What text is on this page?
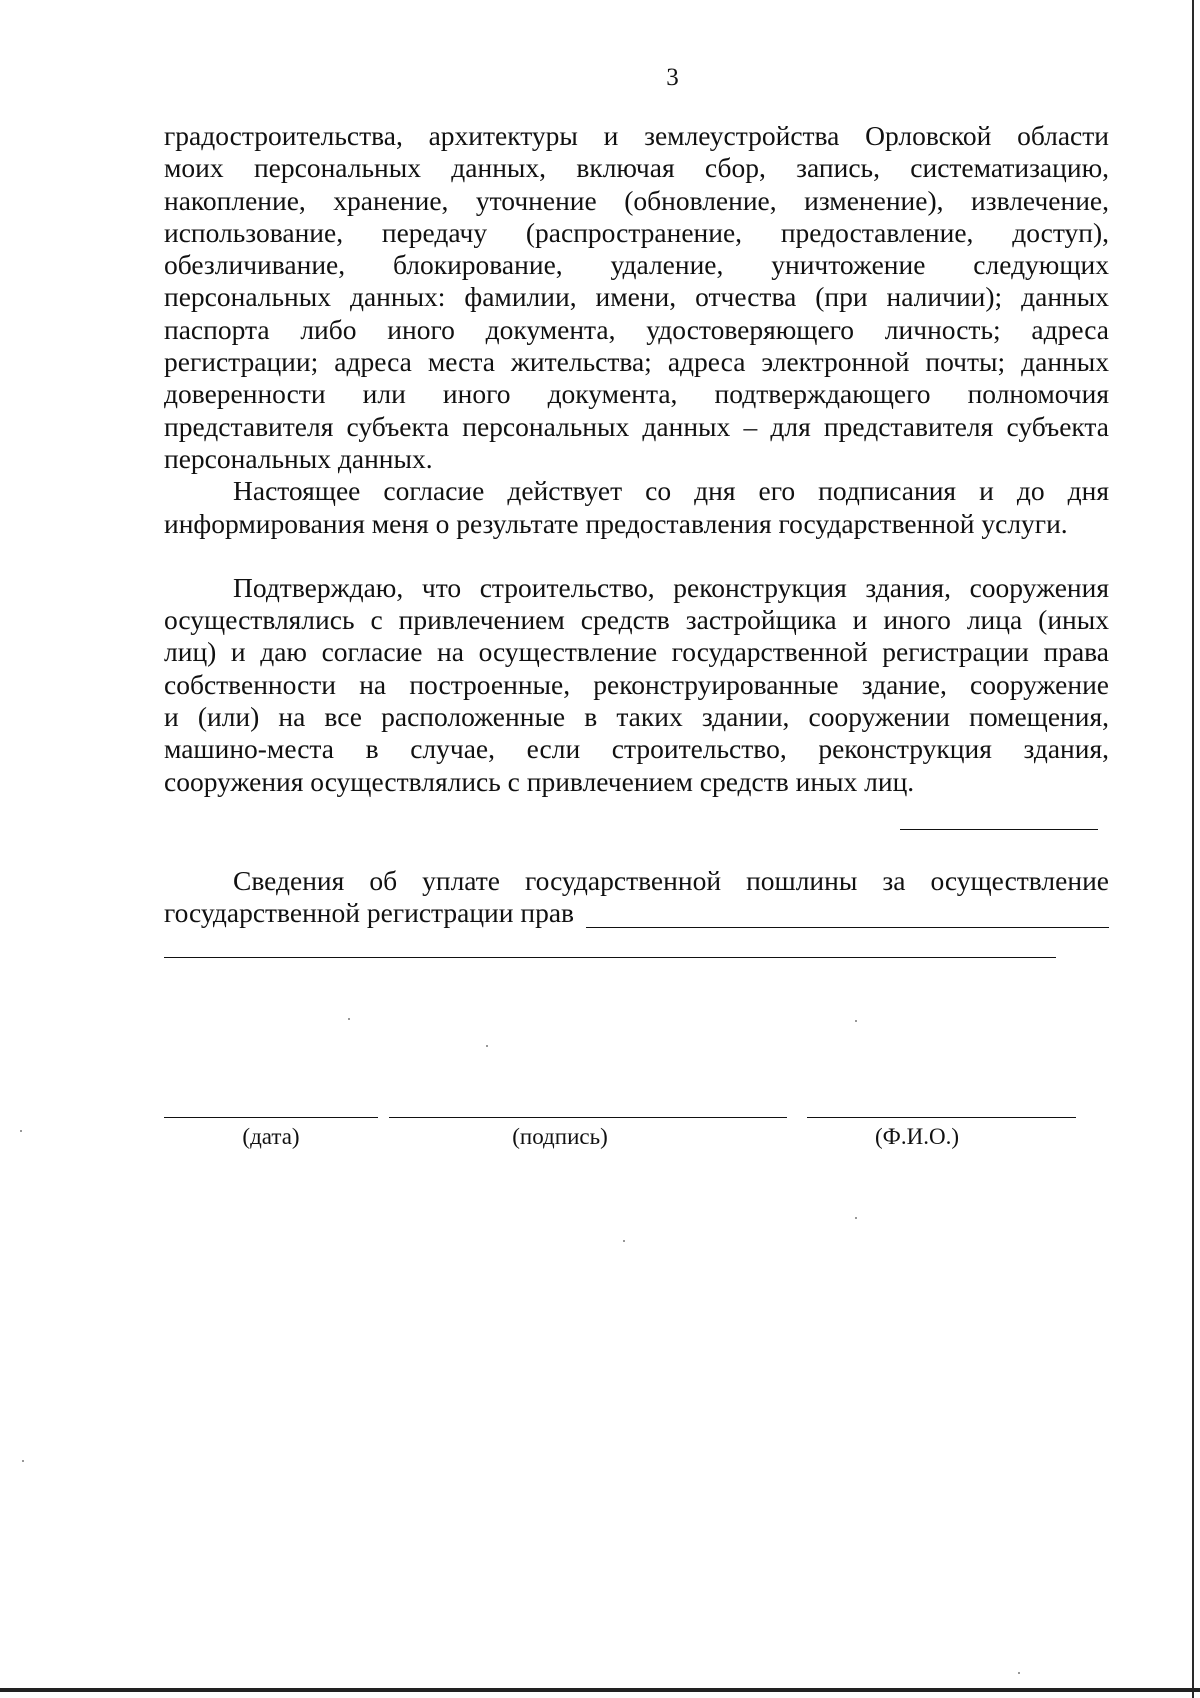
3
градостроительства, архитектуры и землеустройства Орловской области
моих персональных данных, включая сбор, запись, систематизацию,
накопление, хранение, уточнение (обновление, изменение), извлечение,
использование, передачу (распространение, предоставление, доступ),
обезличивание, блокирование, удаление, уничтожение следующих
персональных данных: фамилии, имени, отчества (при наличии); данных
паспорта либо иного документа, удостоверяющего личность; адреса
регистрации; адреса места жительства; адреса электронной почты; данных
доверенности или иного документа, подтверждающего полномочия
представителя субъекта персональных данных – для представителя субъекта
персональных данных.
Настоящее согласие действует со дня его подписания и до дня
информирования меня о результате предоставления государственной услуги.
Подтверждаю, что строительство, реконструкция здания, сооружения
осуществлялись с привлечением средств застройщика и иного лица (иных
лиц) и даю согласие на осуществление государственной регистрации права
собственности на построенные, реконструированные здание, сооружение
и (или) на все расположенные в таких здании, сооружении помещения,
машино-места в случае, если строительство, реконструкция здания,
сооружения осуществлялись с привлечением средств иных лиц.
Сведения об уплате государственной пошлины за осуществление
государственной регистрации прав
(дата)	(подпись)	(Ф.И.О.)
